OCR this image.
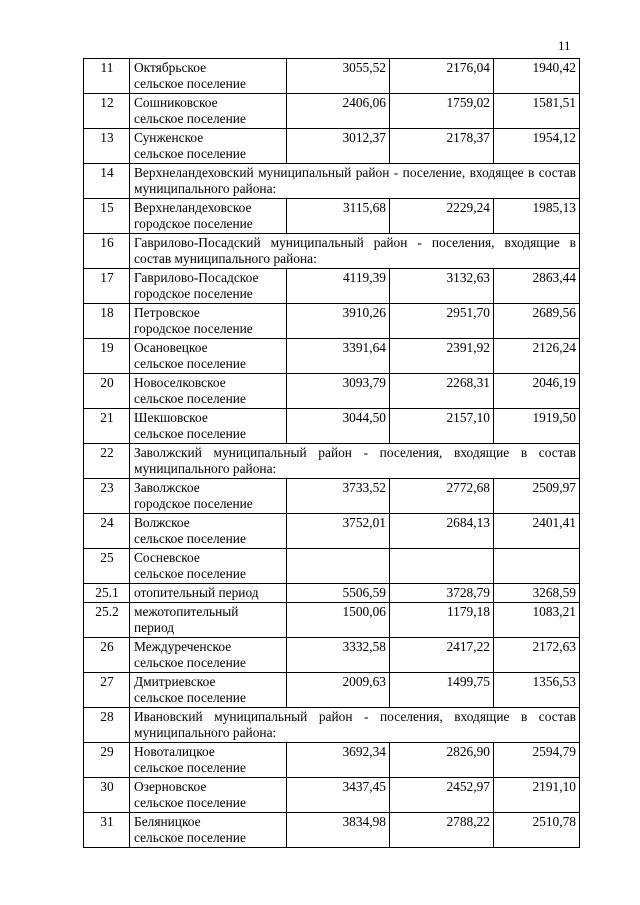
11
11	Октябрьское
сельское поселение	3055,52	2176,04	1940,42
12	Сошниковское
сельское поселение	2406,06	1759,02	1581,51
13	Сунженское
сельское поселение	3012,37	2178,37	1954,12
14	Верхнеландеховский муниципальный район - поселение, входящее в состав муниципального района:			
15	Верхнеландеховское
городское поселение	3115,68	2229,24	1985,13
16	Гаврилово-Посадский муниципальный район - поселения, входящие в состав муниципального района:			
17	Гаврилово-Посадское
городское поселение	4119,39	3132,63	2863,44
18	Петровское
городское поселение	3910,26	2951,70	2689,56
19	Осановецкое
сельское поселение	3391,64	2391,92	2126,24
20	Новоселковское
сельское поселение	3093,79	2268,31	2046,19
21	Шекшовское
сельское поселение	3044,50	2157,10	1919,50
22	Заволжский муниципальный район - поселения, входящие в состав муниципального района:			
23	Заволжское
городское поселение	3733,52	2772,68	2509,97
24	Волжское
сельское поселение	3752,01	2684,13	2401,41
25	Сосневское
сельское поселение			

25.1	отопительный период	5506,59	3728,79	3268,59
25.2	межотопительный
период	1500,06	1179,18	1083,21
26	Междуреченское
сельское поселение	3332,58	2417,22	2172,63
27	Дмитриевское
сельское поселение	2009,63	1499,75	1356,53
28	Ивановский муниципальный район - поселения, входящие в состав муниципального района:			
29	Новоталицкое
сельское поселение	3692,34	2826,90	2594,79
30	Озерновское
сельское поселение	3437,45	2452,97	2191,10
31	Беляницкое
сельское поселение	3834,98	2788,22	2510,78
